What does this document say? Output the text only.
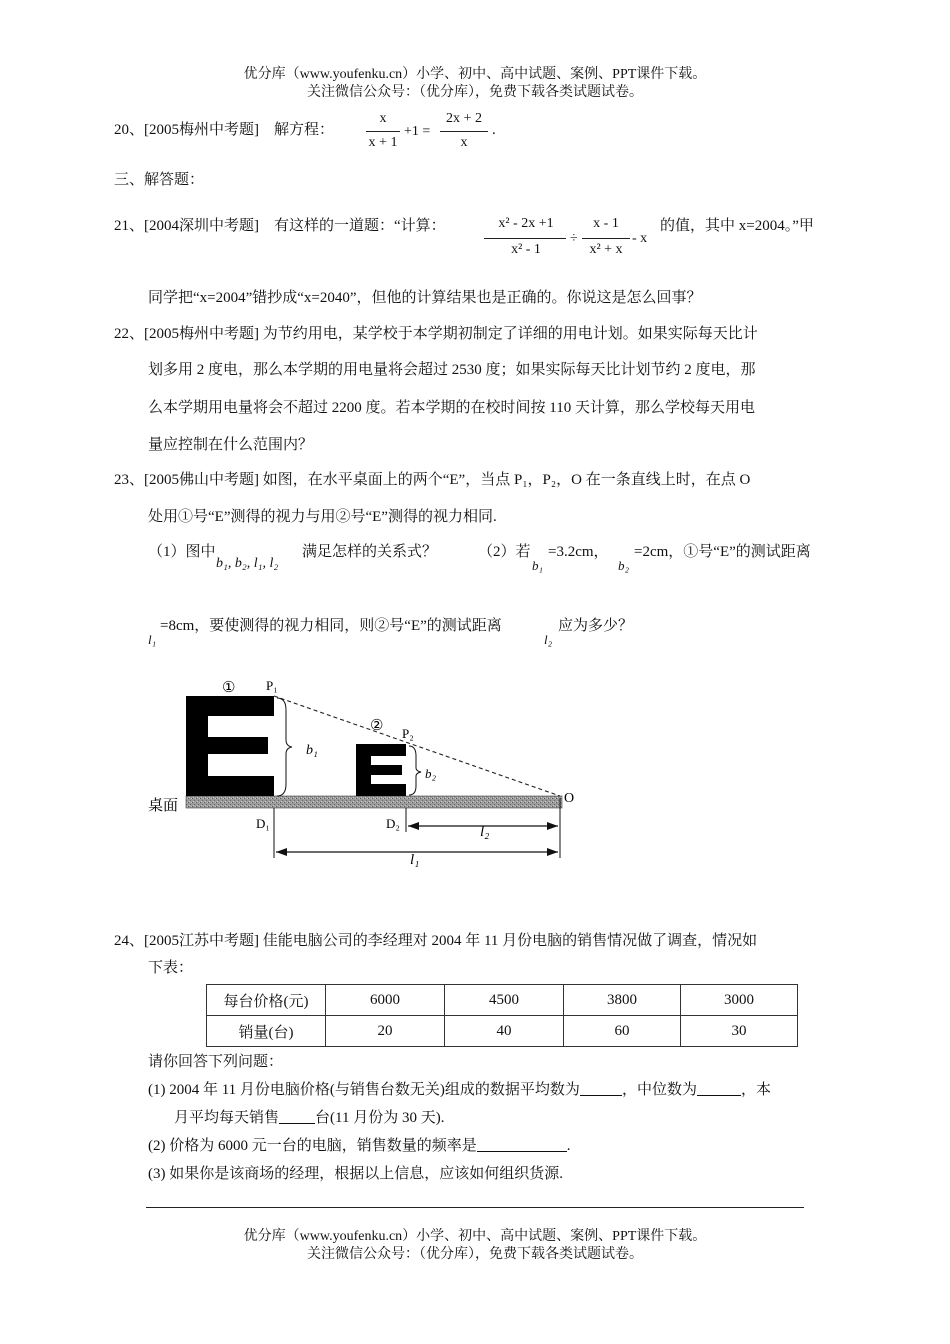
优分库（www.youfenku.cn）小学、初中、高中试题、案例、PPT课件下载。
关注微信公众号：（优分库），免费下载各类试题试卷。
20、[2005梅州中考题]　解方程：
x
x + 1
+1 =
2x + 2
x
.
三、解答题：
21、[2004深圳中考题]　有这样的一道题：“计算：	x² - 2x +1
x² - 1
÷
x - 1
x² + x
- x
的值，其中 x=2004。”甲
同学把“x=2004”错抄成“x=2040”，但他的计算结果也是正确的。你说这是怎么回事？
22、[2005梅州中考题] 为节约用电，某学校于本学期初制定了详细的用电计划。如果实际每天比计
划多用 2 度电，那么本学期的用电量将会超过 2530 度；如果实际每天比计划节约 2 度电，那
么本学期用电量将会不超过 2200 度。若本学期的在校时间按 110 天计算，那么学校每天用电
量应控制在什么范围内？
23、[2005佛山中考题] 如图，在水平桌面上的两个“E”，当点 P₁，P₂，O 在一条直线上时，在点 O
处用①号“E”测得的视力与用②号“E”测得的视力相同.
（1）图中
b₁, b₂, l₁, l₂
满足怎样的关系式？	（2）若
b₁
=3.2cm，
b₂
=2cm，①号“E”的测试距离
l₁
=8cm，要使测得的视力相同，则②号“E”的测试距离
l₂
应为多少？
① P₁
② P₂
b₁
b₂
O
桌面
D₁	D₂
l₂
l₁
24、[2005江苏中考题] 佳能电脑公司的李经理对 2004 年 11 月份电脑的销售情况做了调查，情况如
下表：
每台价格(元)	6000	4500	3800	3000
销量(台)	20	40	60	30
请你回答下列问题：
(1) 2004 年 11 月份电脑价格(与销售台数无关)组成的数据平均数为	，中位数为	，本
月平均每天销售 台(11 月份为 30 天).
(2) 价格为 6000 元一台的电脑，销售数量的频率是	.
(3) 如果你是该商场的经理，根据以上信息，应该如何组织货源.
优分库（www.youfenku.cn）小学、初中、高中试题、案例、PPT课件下载。
关注微信公众号：（优分库），免费下载各类试题试卷。
